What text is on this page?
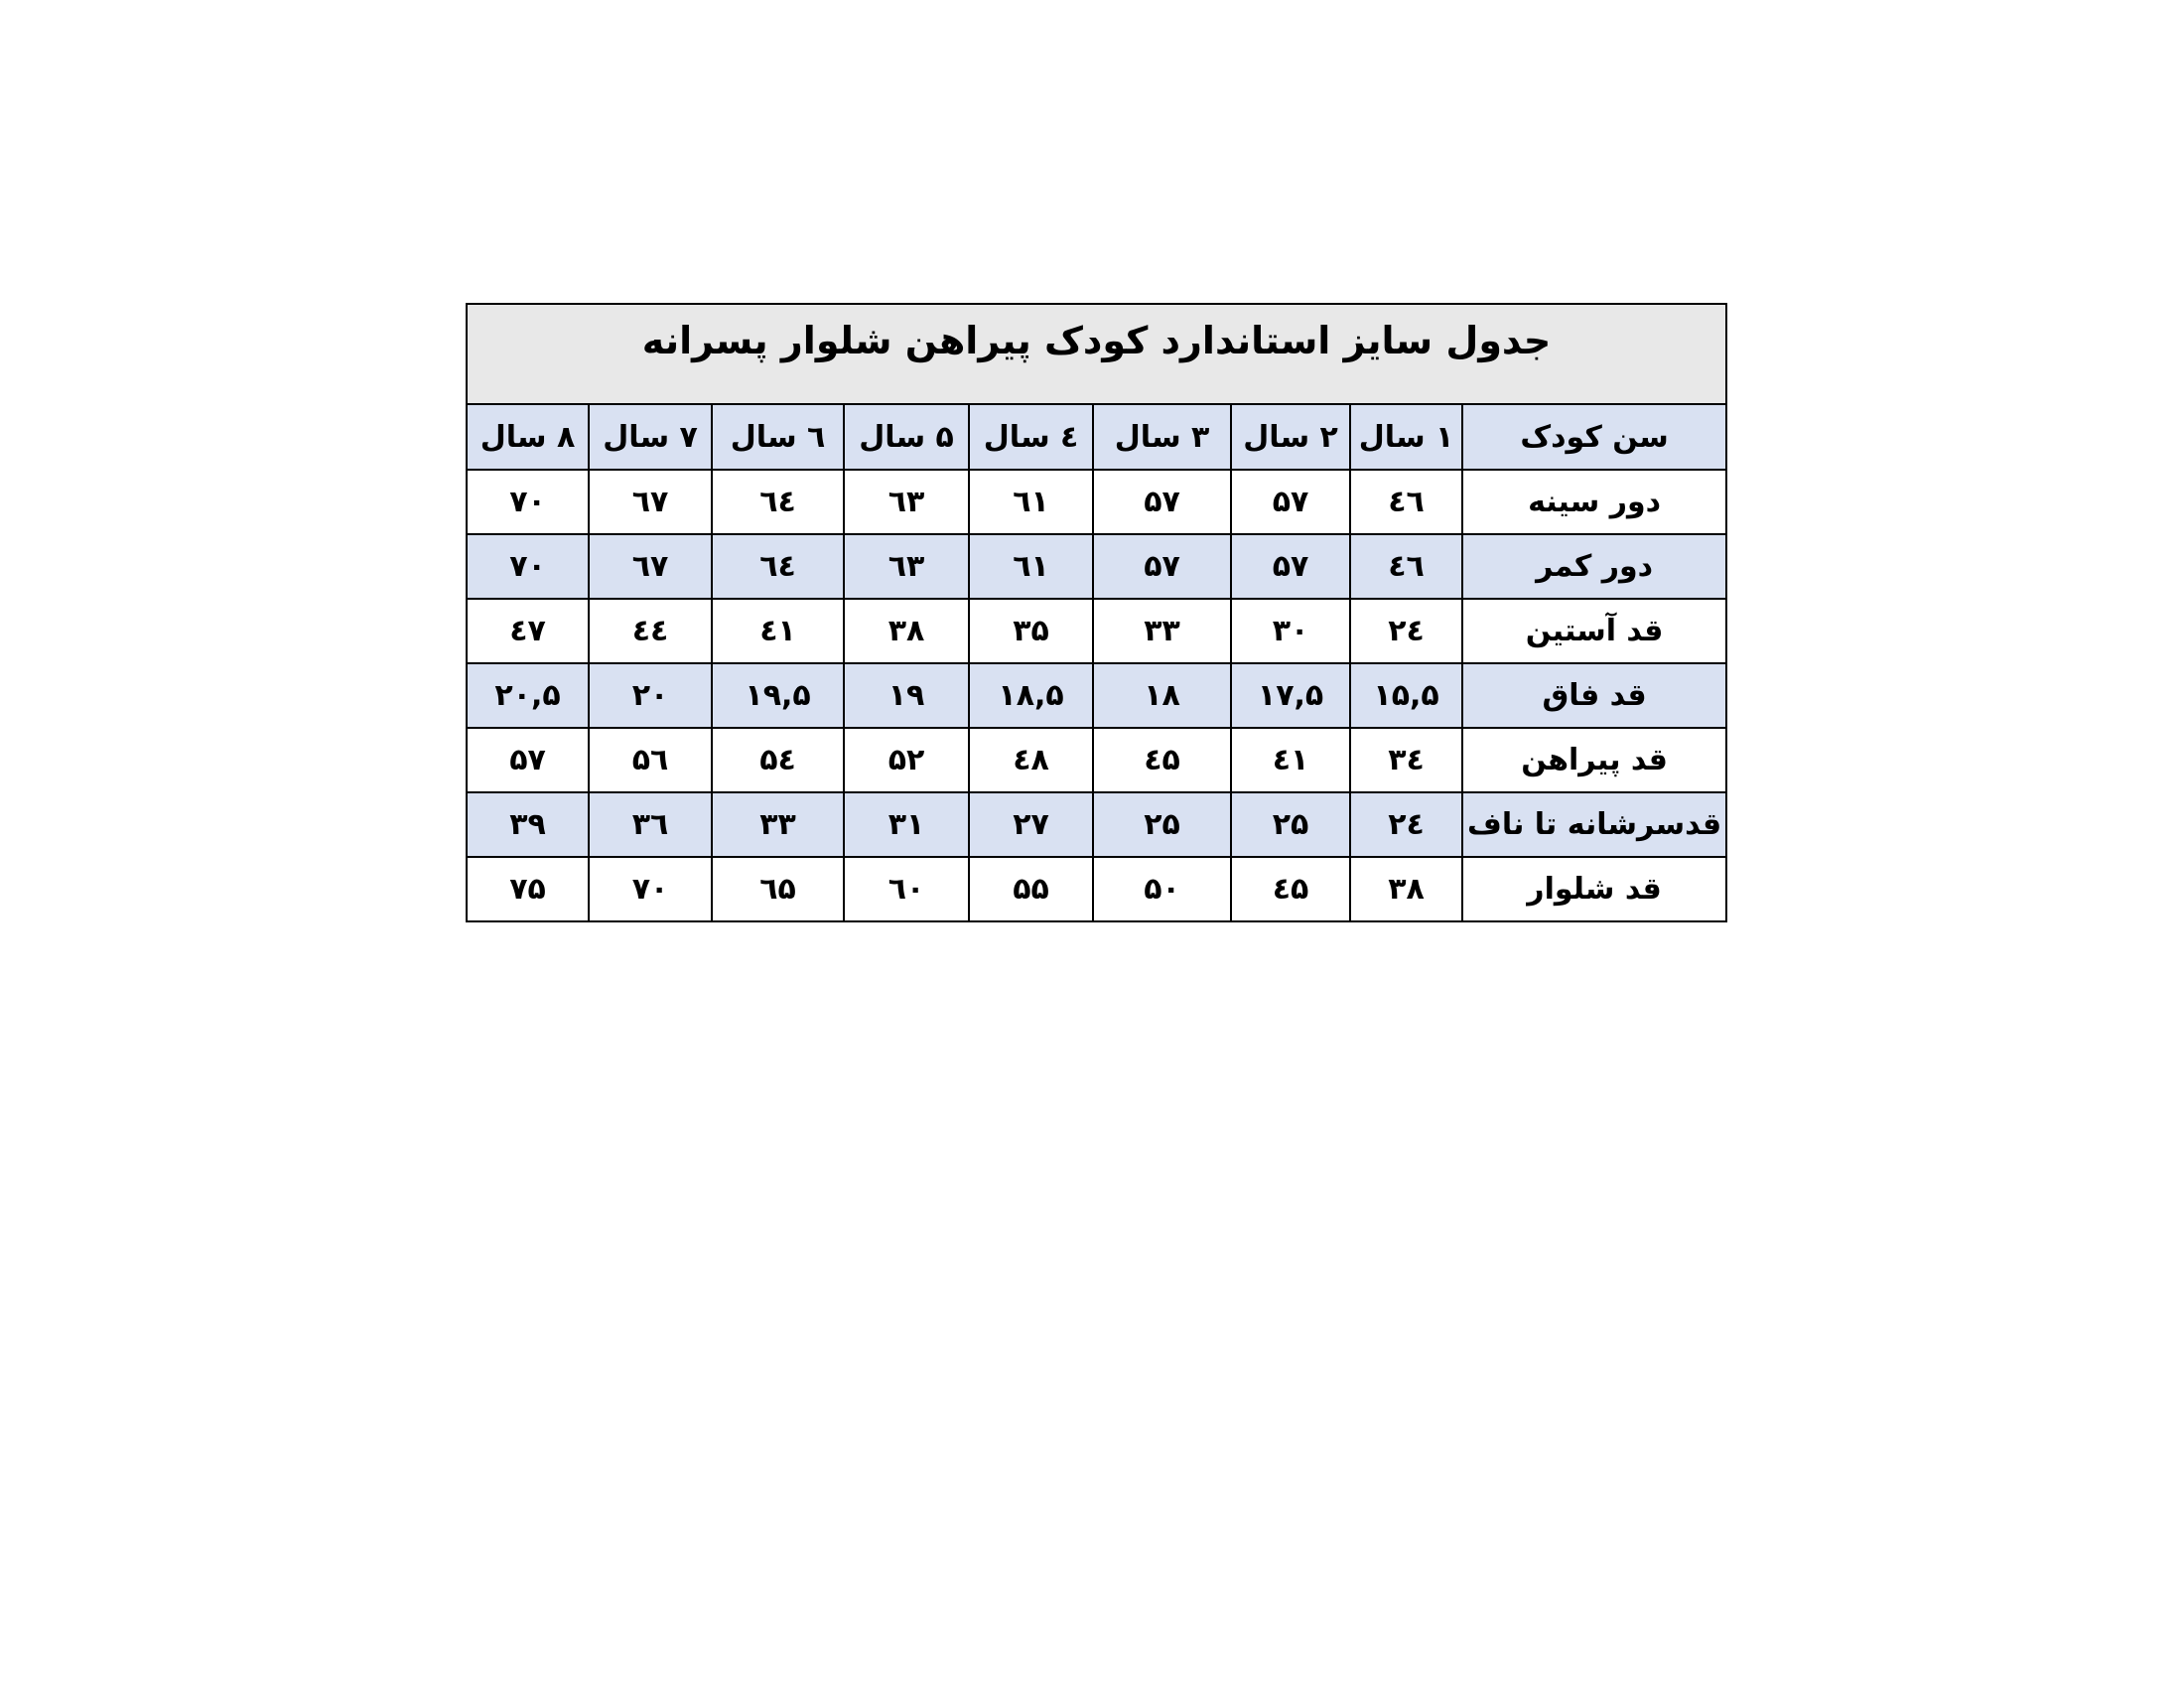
جدول سایز استاندارد کودک پیراهن شلوار پسرانه								
سن کودک	۱ سال	۲ سال	۳ سال	٤ سال	۵ سال	٦ سال	۷ سال	۸ سال
دور سینه	٤٦	۵۷	۵۷	٦۱	٦۳	٦٤	٦۷	۷۰
دور کمر	٤٦	۵۷	۵۷	٦۱	٦۳	٦٤	٦۷	۷۰
قد آستین	۲٤	۳۰	۳۳	۳۵	۳۸	٤۱	٤٤	٤۷
قد فاق	۱۵,۵	۱۷,۵	۱۸	۱۸,۵	۱۹	۱۹,۵	۲۰	۲۰,۵
قد پیراهن	۳٤	٤۱	٤۵	٤۸	۵۲	۵٤	۵٦	۵۷
قدسرشانه تا ناف	۲٤	۲۵	۲۵	۲۷	۳۱	۳۳	۳٦	۳۹
قد شلوار	۳۸	٤۵	۵۰	۵۵	٦۰	٦۵	۷۰	۷۵
